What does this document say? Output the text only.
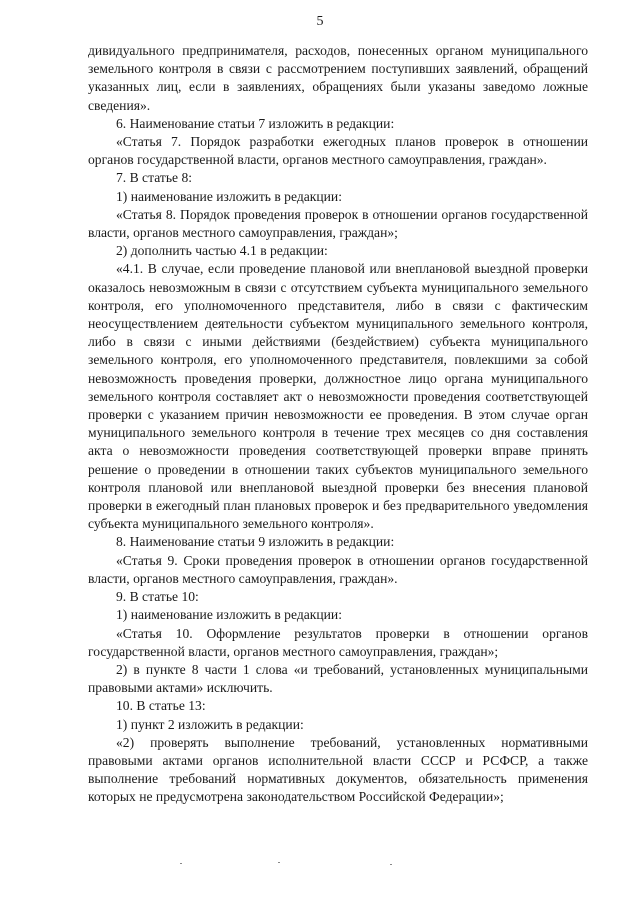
5

дивидуального предпринимателя, расходов, понесенных органом муниципального земельного контроля в связи с рассмотрением поступивших заявлений, обращений указанных лиц, если в заявлениях, обращениях были указаны заведомо ложные сведения».

6. Наименование статьи 7 изложить в редакции:

«Статья 7. Порядок разработки ежегодных планов проверок в отношении органов государственной власти, органов местного самоуправления, граждан».

7. В статье 8:

1) наименование изложить в редакции:

«Статья 8. Порядок проведения проверок в отношении органов государственной власти, органов местного самоуправления, граждан»;

2) дополнить частью 4.1 в редакции:

«4.1. В случае, если проведение плановой или внеплановой выездной проверки оказалось невозможным в связи с отсутствием субъекта муниципального земельного контроля, его уполномоченного представителя, либо в связи с фактическим неосуществлением деятельности субъектом муниципального земельного контроля, либо в связи с иными действиями (бездействием) субъекта муниципального земельного контроля, его уполномоченного представителя, повлекшими за собой невозможность проведения проверки, должностное лицо органа муниципального земельного контроля составляет акт о невозможности проведения соответствующей проверки с указанием причин невозможности ее проведения. В этом случае орган муниципального земельного контроля в течение трех месяцев со дня составления акта о невозможности проведения соответствующей проверки вправе принять решение о проведении в отношении таких субъектов муниципального земельного контроля плановой или внеплановой выездной проверки без внесения плановой проверки в ежегодный план плановых проверок и без предварительного уведомления субъекта муниципального земельного контроля».

8. Наименование статьи 9 изложить в редакции:

«Статья 9. Сроки проведения проверок в отношении органов государственной власти, органов местного самоуправления, граждан».

9. В статье 10:

1) наименование изложить в редакции:

«Статья 10. Оформление результатов проверки в отношении органов государственной власти, органов местного самоуправления, граждан»;

2) в пункте 8 части 1 слова «и требований, установленных муниципальными правовыми актами» исключить.

10. В статье 13:

1) пункт 2 изложить в редакции:

«2) проверять выполнение требований, установленных нормативными правовыми актами органов исполнительной власти СССР и РСФСР, а также выполнение требований нормативных документов, обязательность применения которых не предусмотрена законодательством Российской Федерации»;
